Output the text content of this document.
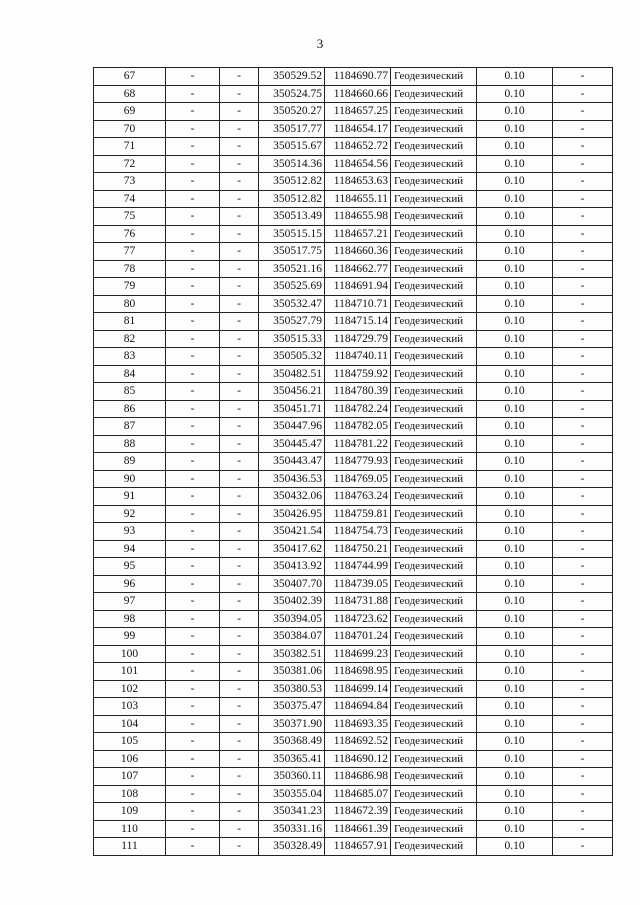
3
67	-	-	350529.52	1184690.77	Геодезический	0.10	-
68	-	-	350524.75	1184660.66	Геодезический	0.10	-
69	-	-	350520.27	1184657.25	Геодезический	0.10	-
70	-	-	350517.77	1184654.17	Геодезический	0.10	-
71	-	-	350515.67	1184652.72	Геодезический	0.10	-
72	-	-	350514.36	1184654.56	Геодезический	0.10	-
73	-	-	350512.82	1184653.63	Геодезический	0.10	-
74	-	-	350512.82	1184655.11	Геодезический	0.10	-
75	-	-	350513.49	1184655.98	Геодезический	0.10	-
76	-	-	350515.15	1184657.21	Геодезический	0.10	-
77	-	-	350517.75	1184660.36	Геодезический	0.10	-
78	-	-	350521.16	1184662.77	Геодезический	0.10	-
79	-	-	350525.69	1184691.94	Геодезический	0.10	-
80	-	-	350532.47	1184710.71	Геодезический	0.10	-
81	-	-	350527.79	1184715.14	Геодезический	0.10	-
82	-	-	350515.33	1184729.79	Геодезический	0.10	-
83	-	-	350505.32	1184740.11	Геодезический	0.10	-
84	-	-	350482.51	1184759.92	Геодезический	0.10	-
85	-	-	350456.21	1184780.39	Геодезический	0.10	-
86	-	-	350451.71	1184782.24	Геодезический	0.10	-
87	-	-	350447.96	1184782.05	Геодезический	0.10	-
88	-	-	350445.47	1184781.22	Геодезический	0.10	-
89	-	-	350443.47	1184779.93	Геодезический	0.10	-
90	-	-	350436.53	1184769.05	Геодезический	0.10	-
91	-	-	350432.06	1184763.24	Геодезический	0.10	-
92	-	-	350426.95	1184759.81	Геодезический	0.10	-
93	-	-	350421.54	1184754.73	Геодезический	0.10	-
94	-	-	350417.62	1184750.21	Геодезический	0.10	-
95	-	-	350413.92	1184744.99	Геодезический	0.10	-
96	-	-	350407.70	1184739.05	Геодезический	0.10	-
97	-	-	350402.39	1184731.88	Геодезический	0.10	-
98	-	-	350394.05	1184723.62	Геодезический	0.10	-
99	-	-	350384.07	1184701.24	Геодезический	0.10	-
100	-	-	350382.51	1184699.23	Геодезический	0.10	-
101	-	-	350381.06	1184698.95	Геодезический	0.10	-
102	-	-	350380.53	1184699.14	Геодезический	0.10	-
103	-	-	350375.47	1184694.84	Геодезический	0.10	-
104	-	-	350371.90	1184693.35	Геодезический	0.10	-
105	-	-	350368.49	1184692.52	Геодезический	0.10	-
106	-	-	350365.41	1184690.12	Геодезический	0.10	-
107	-	-	350360.11	1184686.98	Геодезический	0.10	-
108	-	-	350355.04	1184685.07	Геодезический	0.10	-
109	-	-	350341.23	1184672.39	Геодезический	0.10	-
110	-	-	350331.16	1184661.39	Геодезический	0.10	-
111	-	-	350328.49	1184657.91	Геодезический	0.10	-
